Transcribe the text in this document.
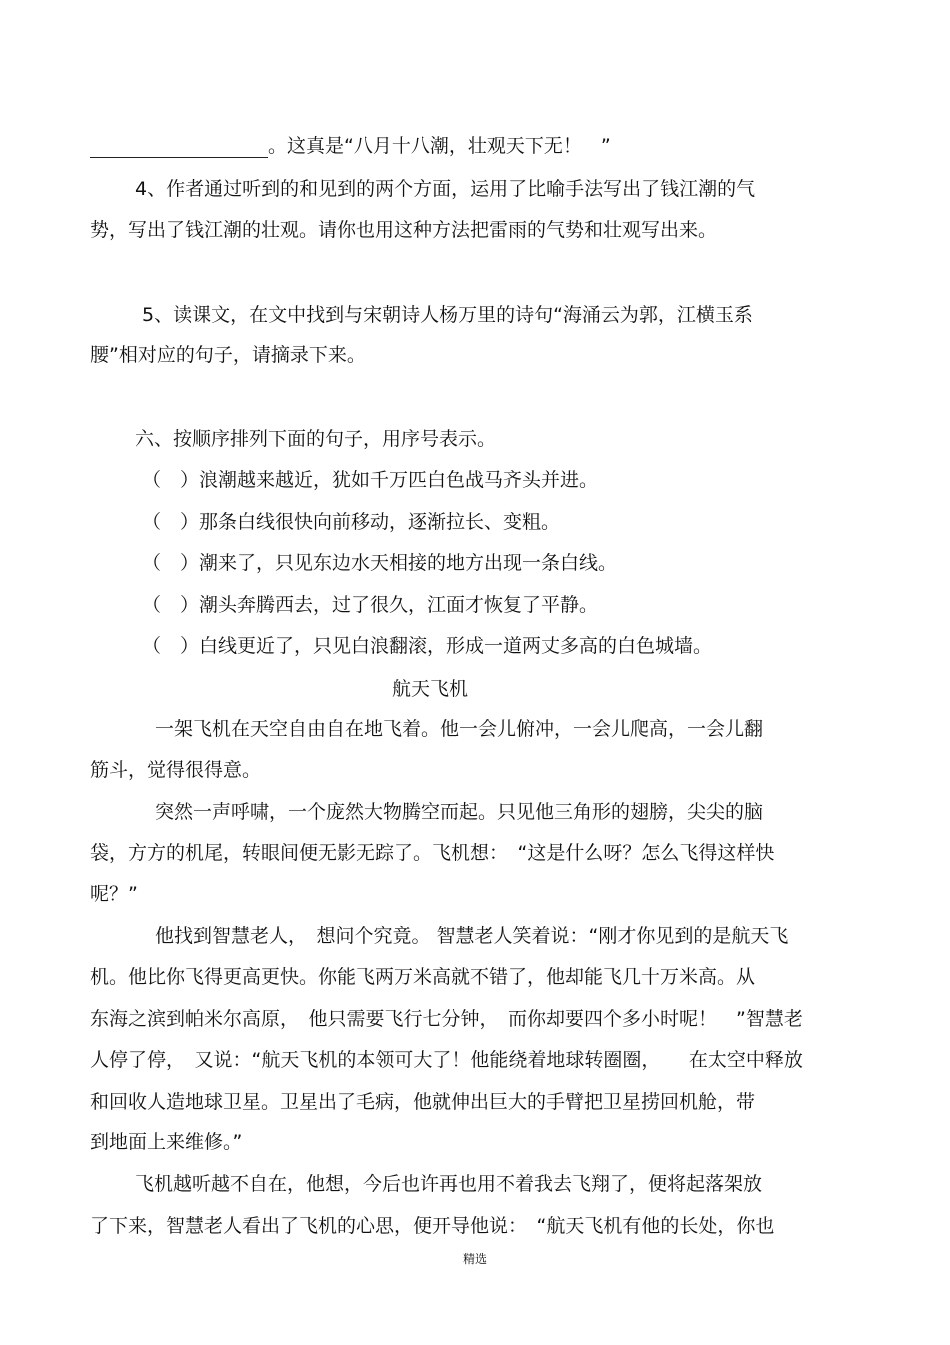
。这真是“八月十八潮，壮观天下无！　”
4、作者通过听到的和见到的两个方面，运用了比喻手法写出了钱江潮的气
势，写出了钱江潮的壮观。请你也用这种方法把雷雨的气势和壮观写出来。
5、读课文，在文中找到与宋朝诗人杨万里的诗句“海涌云为郭，江横玉系
腰”相对应的句子，请摘录下来。
六、按顺序排列下面的句子，用序号表示。
（　）浪潮越来越近，犹如千万匹白色战马齐头并进。
（　）那条白线很快向前移动，逐渐拉长、变粗。
（　）潮来了，只见东边水天相接的地方出现一条白线。
（　）潮头奔腾西去，过了很久，江面才恢复了平静。
（　）白线更近了，只见白浪翻滚，形成一道两丈多高的白色城墙。
航天飞机
一架飞机在天空自由自在地飞着。他一会儿俯冲，一会儿爬高，一会儿翻
筋斗，觉得很得意。
突然一声呼啸，一个庞然大物腾空而起。只见他三角形的翅膀，尖尖的脑
袋，方方的机尾，转眼间便无影无踪了。飞机想：　“这是什么呀？怎么飞得这样快
呢？”
他找到智慧老人，　想问个究竟。 智慧老人笑着说：“刚才你见到的是航天飞
机。他比你飞得更高更快。你能飞两万米高就不错了，他却能飞几十万米高。从
东海之滨到帕米尔高原，　他只需要飞行七分钟，　而你却要四个多小时呢！　”智慧老
人停了停，　又说：“航天飞机的本领可大了！他能绕着地球转圈圈，　　在太空中释放
和回收人造地球卫星。卫星出了毛病，他就伸出巨大的手臂把卫星捞回机舱，带
到地面上来维修。”
飞机越听越不自在，他想，今后也许再也用不着我去飞翔了，便将起落架放
了下来，智慧老人看出了飞机的心思，便开导他说：　“航天飞机有他的长处，你也
精选
